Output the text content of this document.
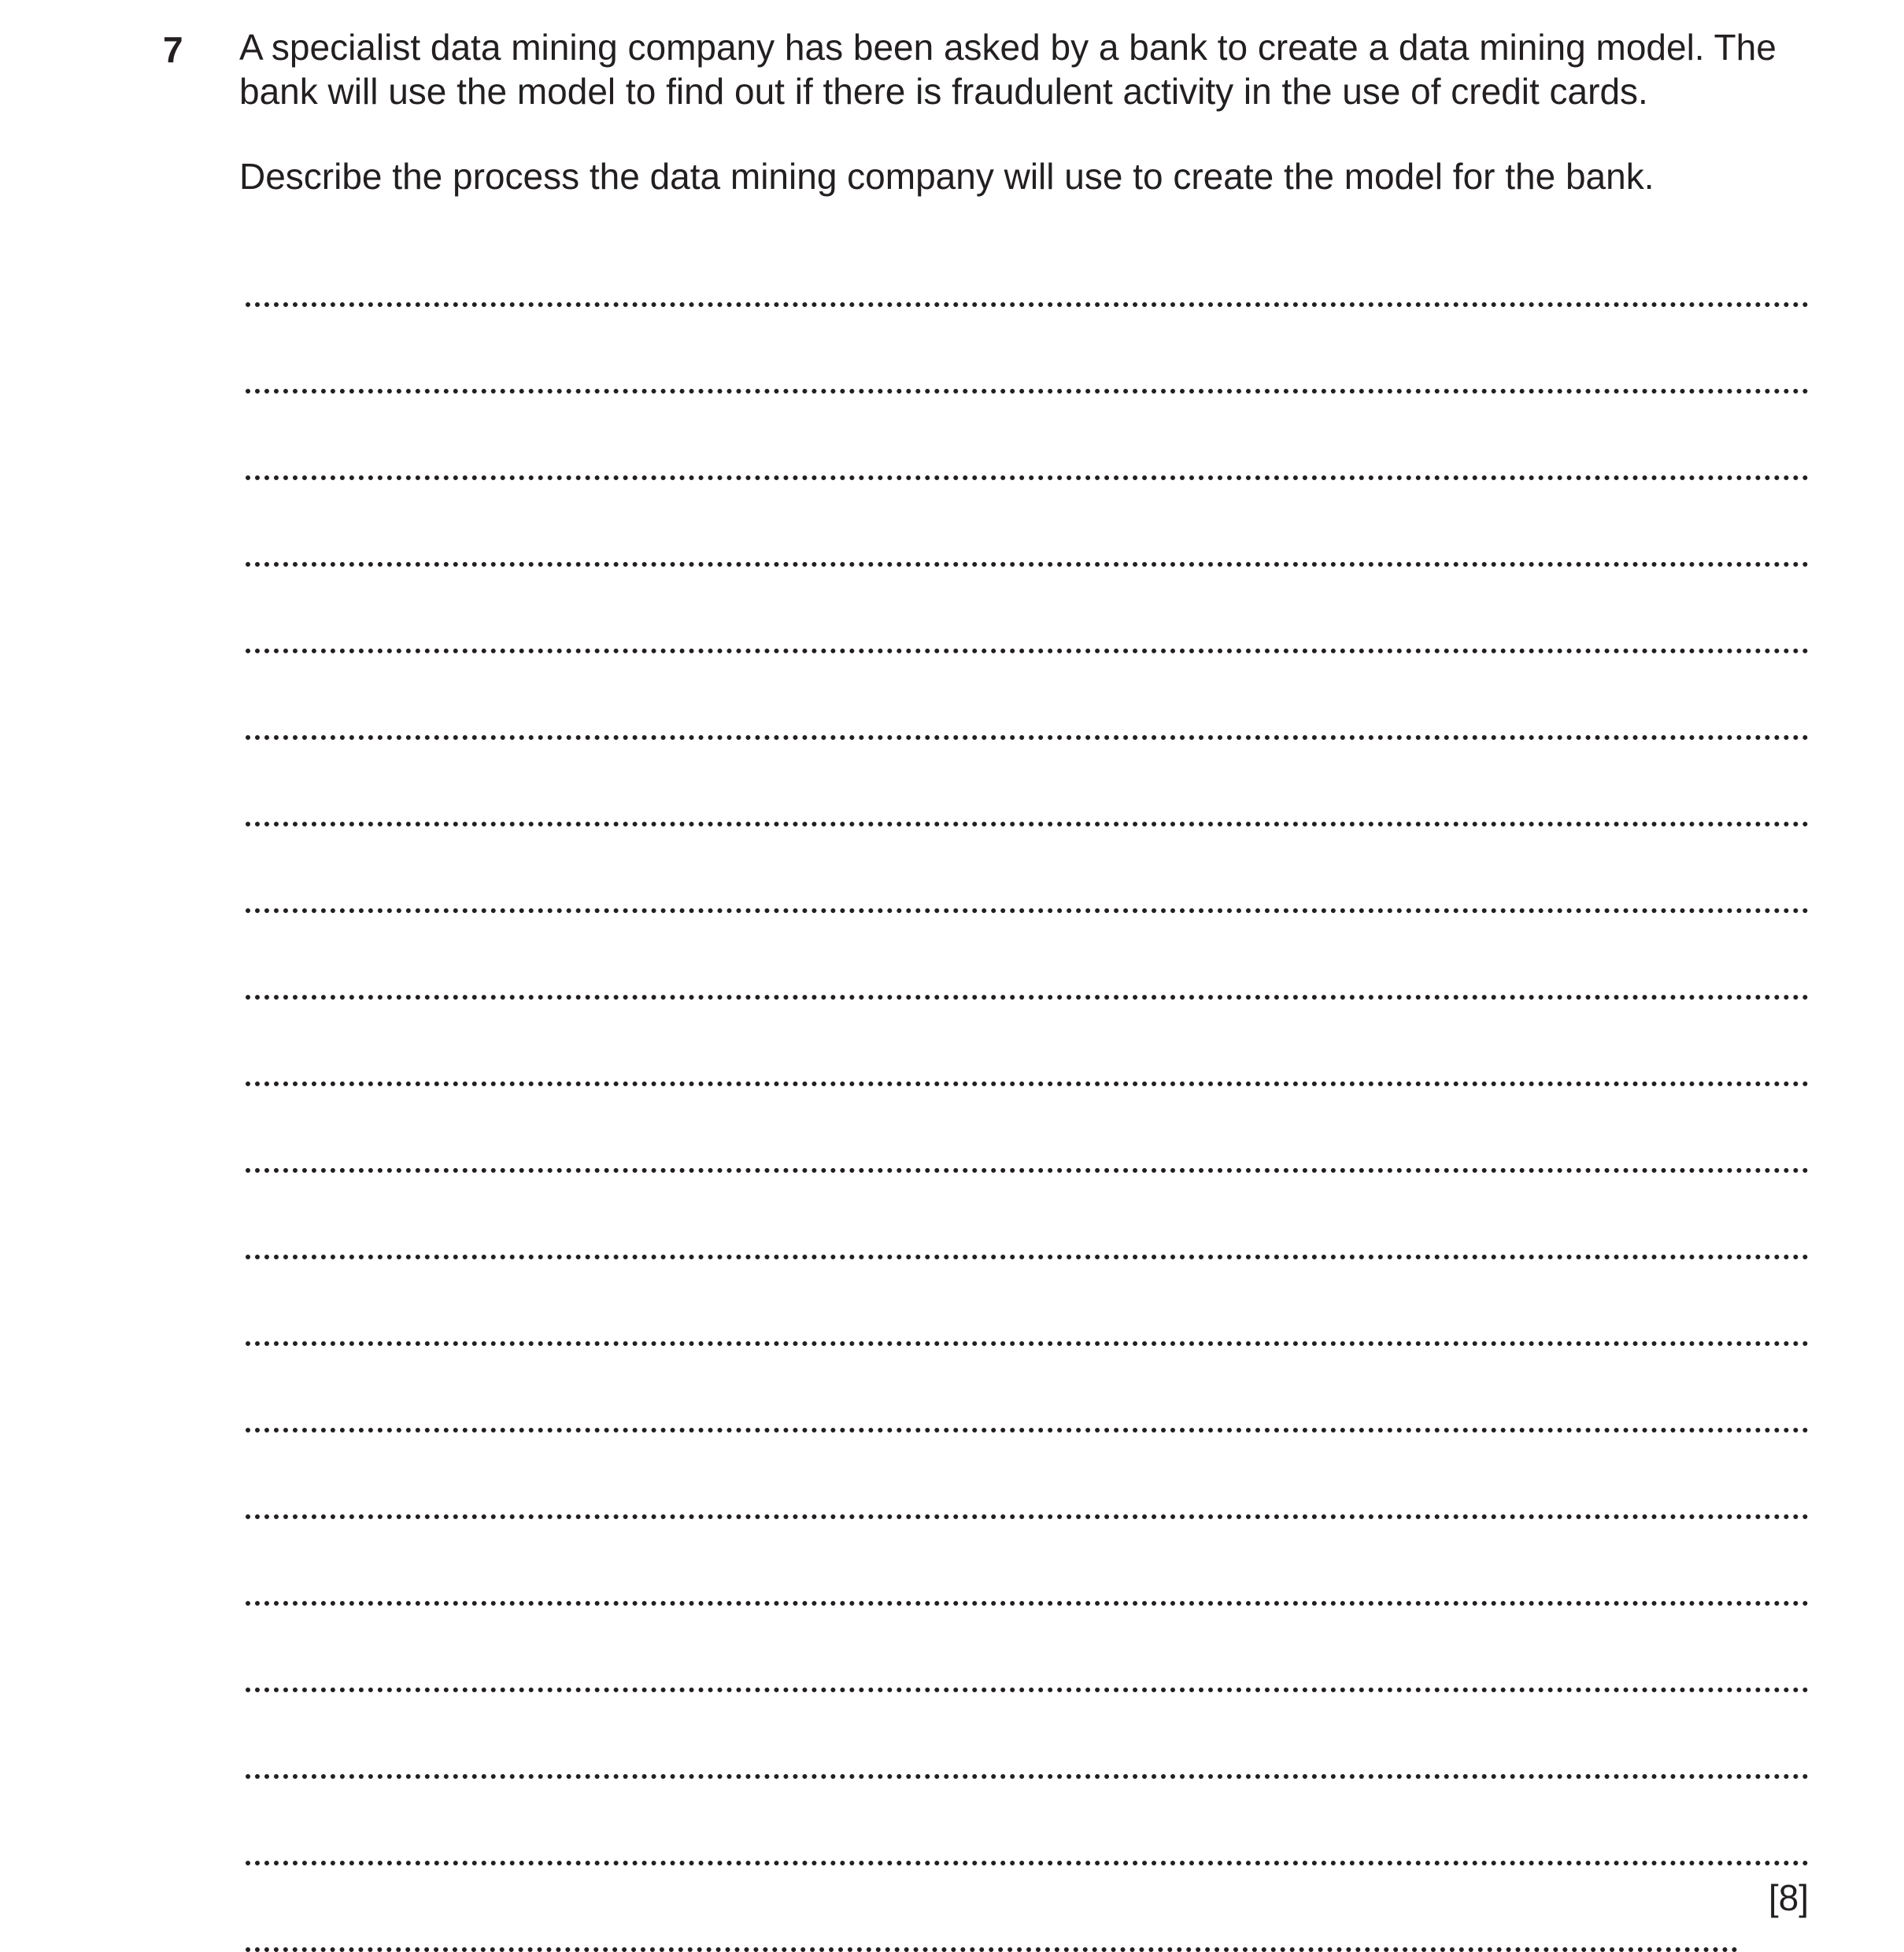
7 A specialist data mining company has been asked by a bank to create a data mining model. The
bank will use the model to find out if there is fraudulent activity in the use of credit cards.

Describe the process the data mining company will use to create the model for the bank.

[8]
